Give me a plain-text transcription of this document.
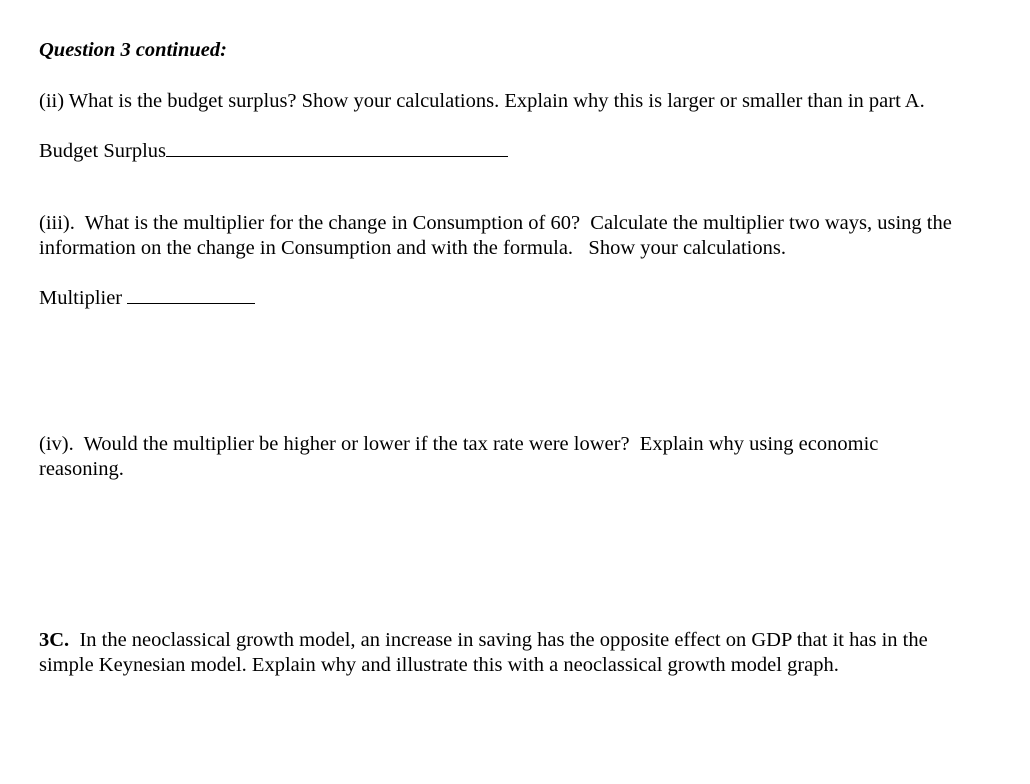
Question 3 continued:

(ii) What is the budget surplus? Show your calculations. Explain why this is larger or smaller than in part A.

Budget Surplus

(iii).  What is the multiplier for the change in Consumption of 60?  Calculate the multiplier two ways, using the
information on the change in Consumption and with the formula.   Show your calculations.

Multiplier

(iv).  Would the multiplier be higher or lower if the tax rate were lower?  Explain why using economic
reasoning.

3C.  In the neoclassical growth model, an increase in saving has the opposite effect on GDP that it has in the
simple Keynesian model. Explain why and illustrate this with a neoclassical growth model graph.
